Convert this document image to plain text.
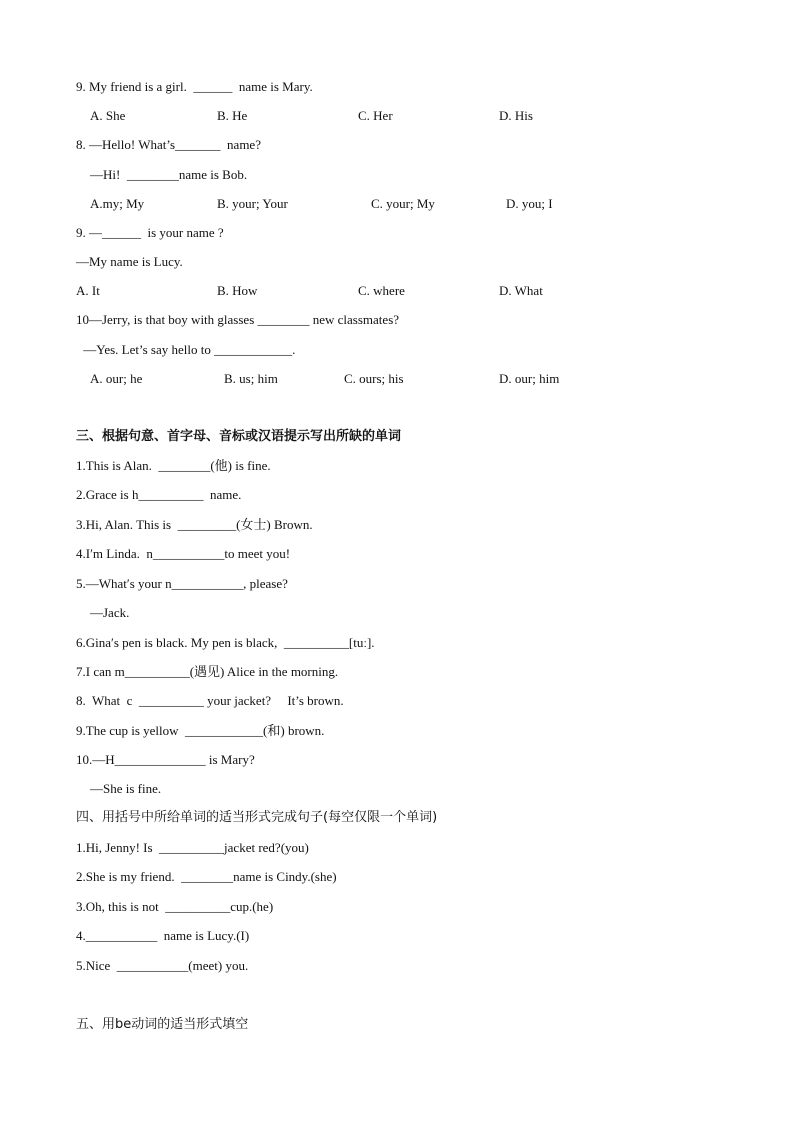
9. My friend is a girl.  ______  name is Mary.
A. She	B. He	C. Her	D. His
8. —Hello! What’s_______  name?
—Hi!  ________name is Bob.
A.my; My	B. your; Your	C. your; My	D. you; I
9. —______  is your name ?
—My name is Lucy.
A. It	B. How	C. where	D. What
10—Jerry, is that boy with glasses ________ new classmates?
—Yes. Let’s say hello to ____________.
A. our; he	B. us; him	C. ours; his	D. our; him
三、根据句意、首字母、音标或汉语提示写出所缺的单词
1.This is Alan.  ________(他) is fine.
2.Grace is h__________  name.
3.Hi, Alan. This is  _________(女士) Brown.
4.I′m Linda.  n___________to meet you!
5.—What′s your n___________, please?
—Jack.
6.Gina′s pen is black. My pen is black,  __________[tuː].
7.I can m__________(遇见) Alice in the morning.
8.  What  c  __________ your jacket?     It’s brown.
9.The cup is yellow  ____________(和) brown.
10.—H______________ is Mary?
—She is fine.
四、用括号中所给单词的适当形式完成句子(每空仅限一个单词)
1.Hi, Jenny! Is  __________jacket red?(you)
2.She is my friend.  ________name is Cindy.(she)
3.Oh, this is not  __________cup.(he)
4.___________  name is Lucy.(I)
5.Nice  ___________(meet) you.
五、用be动词的适当形式填空
